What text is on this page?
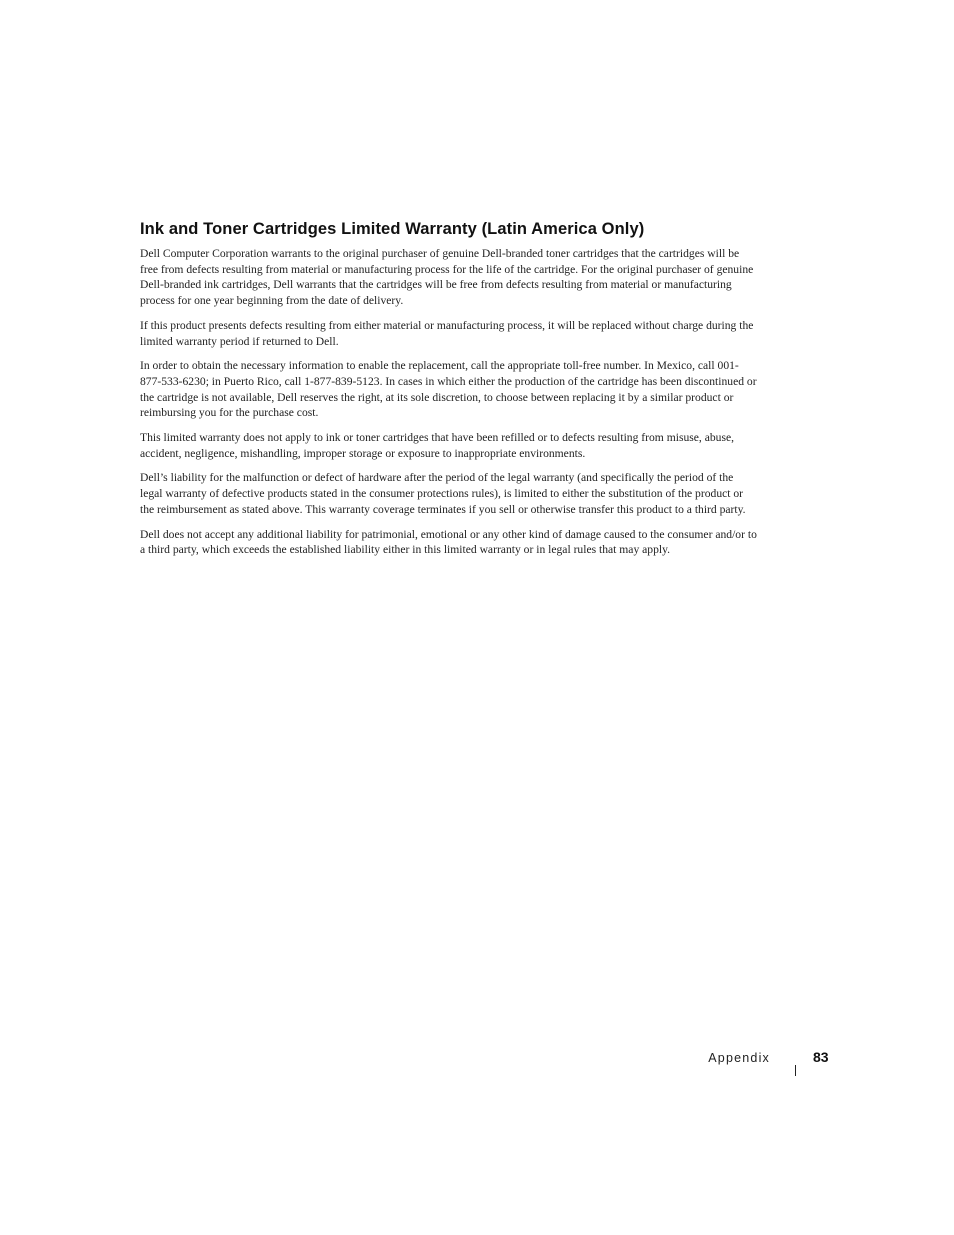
Ink and Toner Cartridges Limited Warranty (Latin America Only)

Dell Computer Corporation warrants to the original purchaser of genuine Dell-branded toner cartridges that the cartridges will be free from defects resulting from material or manufacturing process for the life of the cartridge. For the original purchaser of genuine Dell-branded ink cartridges, Dell warrants that the cartridges will be free from defects resulting from material or manufacturing process for one year beginning from the date of delivery.

If this product presents defects resulting from either material or manufacturing process, it will be replaced without charge during the limited warranty period if returned to Dell.

In order to obtain the necessary information to enable the replacement, call the appropriate toll-free number. In Mexico, call 001-877-533-6230; in Puerto Rico, call 1-877-839-5123. In cases in which either the production of the cartridge has been discontinued or the cartridge is not available, Dell reserves the right, at its sole discretion, to choose between replacing it by a similar product or reimbursing you for the purchase cost.

This limited warranty does not apply to ink or toner cartridges that have been refilled or to defects resulting from misuse, abuse, accident, negligence, mishandling, improper storage or exposure to inappropriate environments.

Dell’s liability for the malfunction or defect of hardware after the period of the legal warranty (and specifically the period of the legal warranty of defective products stated in the consumer protections rules), is limited to either the substitution of the product or the reimbursement as stated above. This warranty coverage terminates if you sell or otherwise transfer this product to a third party.

Dell does not accept any additional liability for patrimonial, emotional or any other kind of damage caused to the consumer and/or to a third party, which exceeds the established liability either in this limited warranty or in legal rules that may apply.

Appendix	83
